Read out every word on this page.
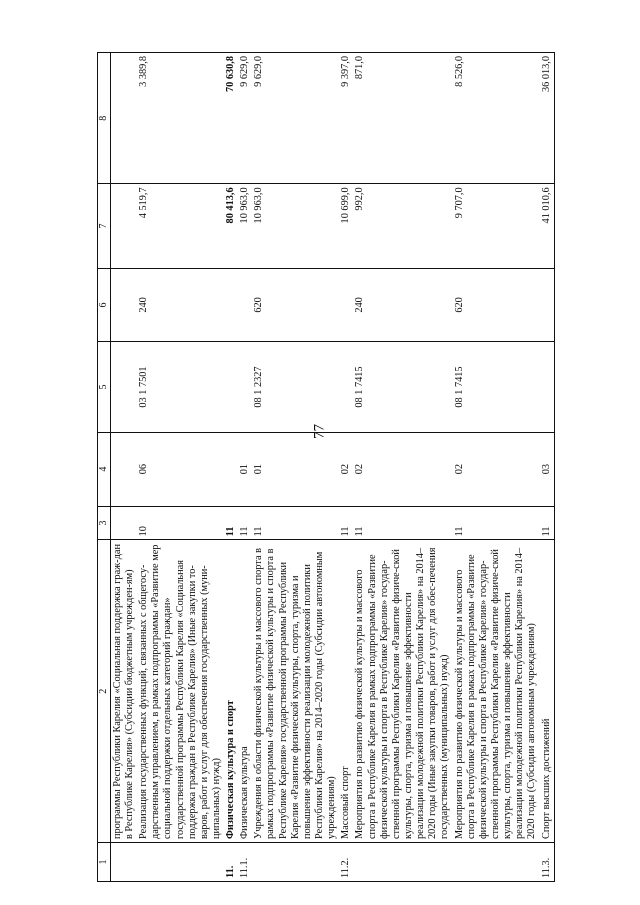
77
1	2	3	4	5	6	7	8
	программы Республики Карелия «Социальная поддержка граж-дан в Республике Карелия» (Субсидии бюджетным учрежден-ям)						
	Реализация государственных функций, связанных с общегосу-дарственным управлением, в рамках подпрограммы «Развитие мер социальной поддержки отдельных категорий граждан» государственной программы Республики Карелия «Социальная поддержка граждан в Республике Карелия» (Иные закупки то-варов, работ и услуг для обеспечения государственных (муни-ципальных) нужд)	10	06	03 1 7501	240	4 519,7	3 389,8
11.	Физическая культура и спорт	11				80 413,6	70 630,8
11.1.	Физическая культура	11	01			10 963,0	9 629,0
	Учреждения в области физической культуры и массового спорта в рамках подпрограммы «Развитие физической культуры и спорта в Республике Карелия» государственной программы Республики Карелия «Развитие физической культуры, спорта, туризма и повышение эффективности реализации молодежной политики Республики Карелия» на 2014–2020 годы (Субсидии автономным учреждениям)	11	01	08 1 2327	620	10 963,0	9 629,0
11.2.	Массовый спорт	11	02			10 699,0	9 397,0
	Мероприятия по развитию физической культуры и массового спорта в Республике Карелия в рамках подпрограммы «Развитие физической культуры и спорта в Республике Карелия» государ-ственной программы Республики Карелия «Развитие физиче-ской культуры, спорта, туризма и повышение эффективности реализации молодежной политики Республики Карелия» на 2014–2020 годы (Иные закупки товаров, работ и услуг для обес-печения государственных (муниципальных) нужд)	11	02	08 1 7415	240	992,0	871,0
	Мероприятия по развитию физической культуры и массового спорта в Республике Карелия в рамках подпрограммы «Развитие физической культуры и спорта в Республике Карелия» государ-ственной программы Республики Карелия «Развитие физиче-ской культуры, спорта, туризма и повышение эффективности реализации молодежной политики Республики Карелия» на 2014–2020 годы (Субсидии автономным учреждениям)	11	02	08 1 7415	620	9 707,0	8 526,0
11.3.	Спорт высших достижений	11	03			41 010,6	36 013,0
